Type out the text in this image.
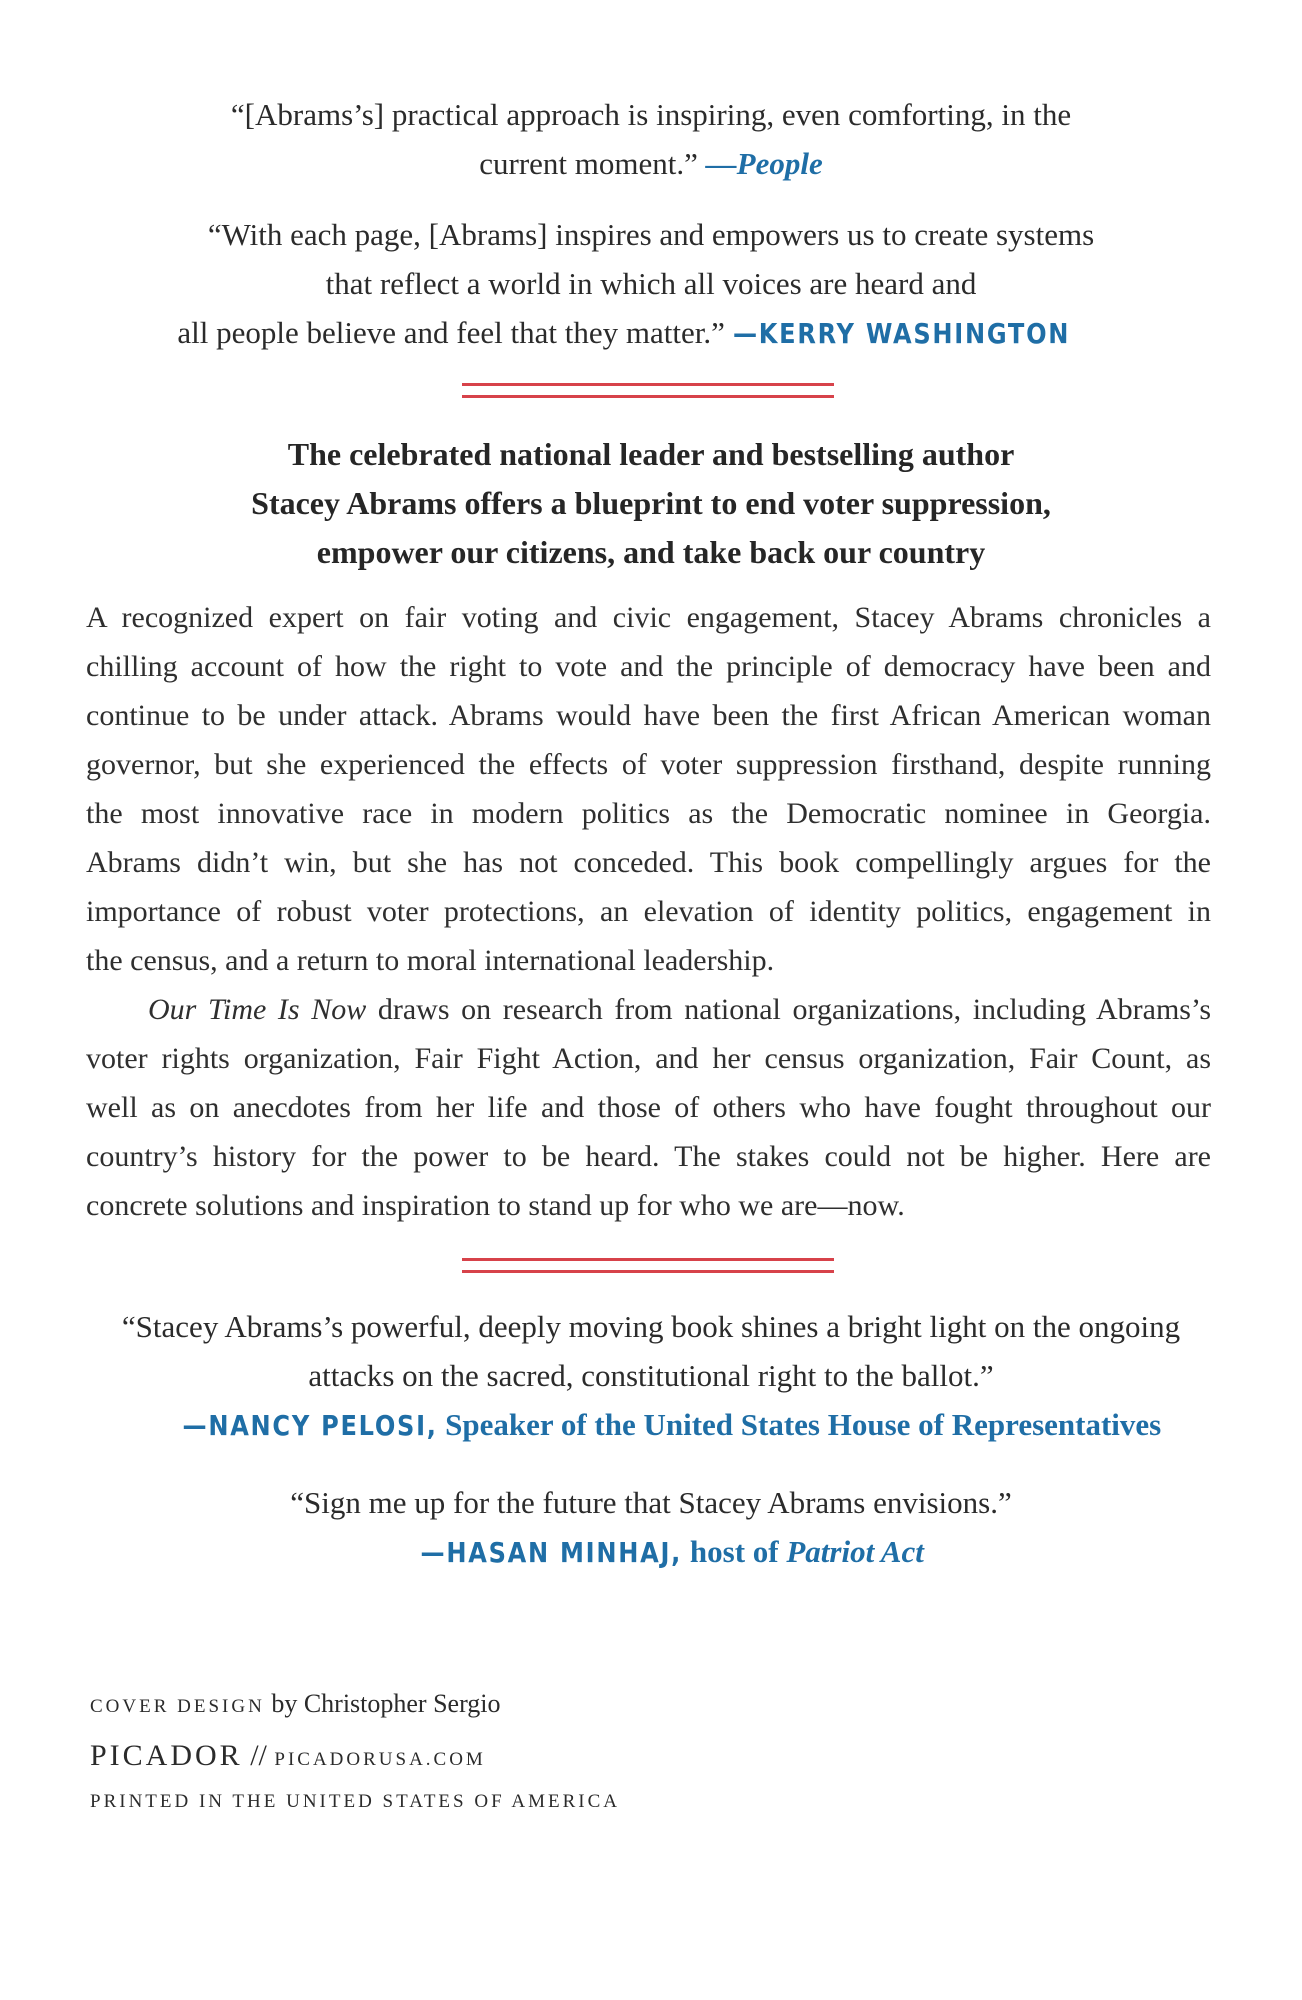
“[Abrams’s] practical approach is inspiring, even comforting, in the
current moment.” —People
“With each page, [Abrams] inspires and empowers us to create systems
that reflect a world in which all voices are heard and
all people believe and feel that they matter.” —KERRY WASHINGTON
The celebrated national leader and bestselling author
Stacey Abrams offers a blueprint to end voter suppression,
empower our citizens, and take back our country
A recognized expert on fair voting and civic engagement, Stacey Abrams chronicles a
chilling account of how the right to vote and the principle of democracy have been and
continue to be under attack. Abrams would have been the first African American woman
governor, but she experienced the effects of voter suppression firsthand, despite running
the most innovative race in modern politics as the Democratic nominee in Georgia.
Abrams didn’t win, but she has not conceded. This book compellingly argues for the
importance of robust voter protections, an elevation of identity politics, engagement in
the census, and a return to moral international leadership.
Our Time Is Now draws on research from national organizations, including Abrams’s
voter rights organization, Fair Fight Action, and her census organization, Fair Count, as
well as on anecdotes from her life and those of others who have fought throughout our
country’s history for the power to be heard. The stakes could not be higher. Here are
concrete solutions and inspiration to stand up for who we are—now.
“Stacey Abrams’s powerful, deeply moving book shines a bright light on the ongoing
attacks on the sacred, constitutional right to the ballot.”
—NANCY PELOSI, Speaker of the United States House of Representatives
“Sign me up for the future that Stacey Abrams envisions.”
—HASAN MINHAJ, host of Patriot Act
COVER DESIGN by Christopher Sergio
PICADOR // PICADORUSA.COM
PRINTED IN THE UNITED STATES OF AMERICA
